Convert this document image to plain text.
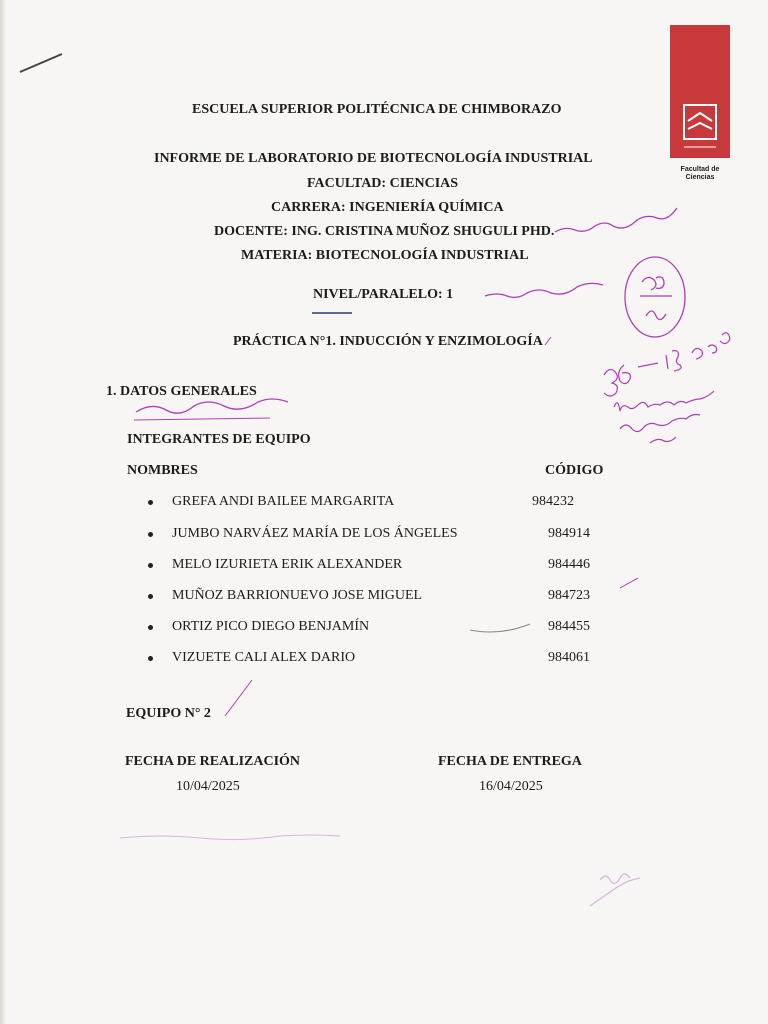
Facultad de
Ciencias
ESCUELA SUPERIOR POLITÉCNICA DE CHIMBORAZO
INFORME DE LABORATORIO DE BIOTECNOLOGÍA INDUSTRIAL
FACULTAD: CIENCIAS
CARRERA: INGENIERÍA QUÍMICA
DOCENTE: ING. CRISTINA MUÑOZ SHUGULI PHD.
MATERIA: BIOTECNOLOGÍA INDUSTRIAL
NIVEL/PARALELO: 1
PRÁCTICA N°1. INDUCCIÓN Y ENZIMOLOGÍA
1. DATOS GENERALES
INTEGRANTES DE EQUIPO
NOMBRES	CÓDIGO
GREFA ANDI BAILEE MARGARITA	984232
JUMBO NARVÁEZ MARÍA DE LOS ÁNGELES	984914
MELO IZURIETA ERIK ALEXANDER	984446
MUÑOZ BARRIONUEVO JOSE MIGUEL	984723
ORTIZ PICO DIEGO BENJAMÍN	984455
VIZUETE CALI ALEX DARIO	984061
EQUIPO N° 2
FECHA DE REALIZACIÓN
10/04/2025
FECHA DE ENTREGA
16/04/2025
